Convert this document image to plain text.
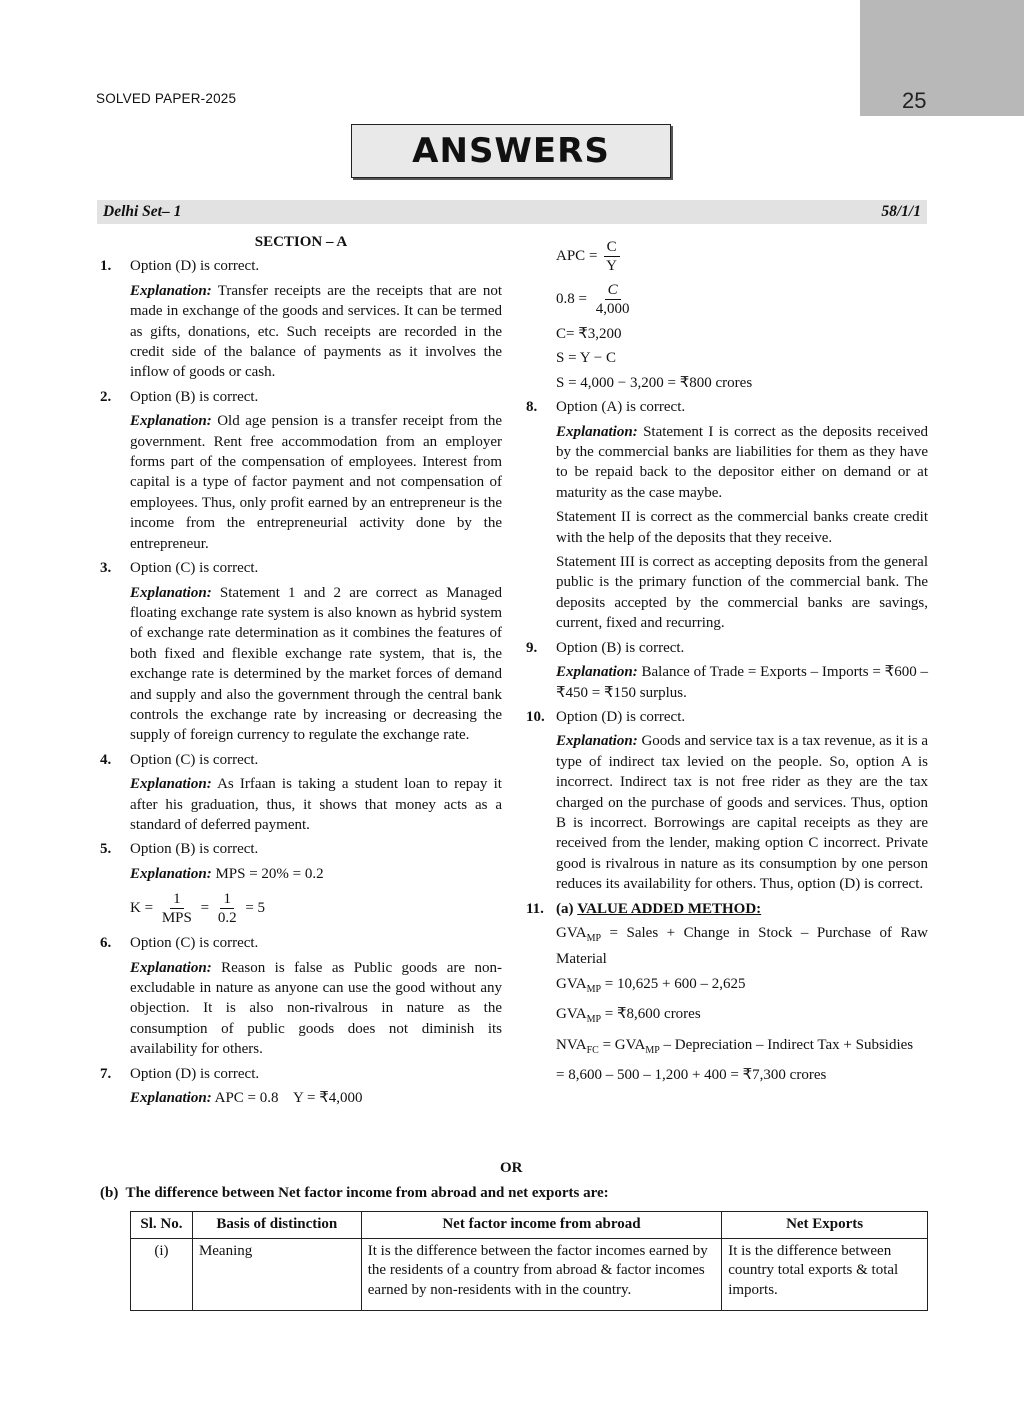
25
SOLVED PAPER-2025
ANSWERS
Delhi Set– 1	58/1/1
SECTION – A
1. Option (D) is correct.

Explanation: Transfer receipts are the receipts that are not made in exchange of the goods and services. It can be termed as gifts, donations, etc. Such receipts are recorded in the credit side of the balance of payments as it involves the inflow of goods or cash.

2. Option (B) is correct.

Explanation: Old age pension is a transfer receipt from the government. Rent free accommodation from an employer forms part of the compensation of employees. Interest from capital is a type of factor payment and not compensation of employees. Thus, only profit earned by an entrepreneur is the income from the entrepreneurial activity done by the entrepreneur.

3. Option (C) is correct.

Explanation: Statement 1 and 2 are correct as Managed floating exchange rate system is also known as hybrid system of exchange rate determination as it combines the features of both fixed and flexible exchange rate system, that is, the exchange rate is determined by the market forces of demand and supply and also the government through the central bank controls the exchange rate by increasing or decreasing the supply of foreign currency to regulate the exchange rate.

4. Option (C) is correct.

Explanation: As Irfaan is taking a student loan to repay it after his graduation, thus, it shows that money acts as a standard of deferred payment.

5. Option (B) is correct.

Explanation: MPS = 20% = 0.2

$K = \frac{1}{\text{MPS}} = \frac{1}{0.2} = 5$
6. Option (C) is correct.

Explanation: Reason is false as Public goods are non-excludable in nature as anyone can use the good without any objection. It is also non-rivalrous in nature as the consumption of public goods does not diminish its availability for others.

7. Option (D) is correct.

Explanation: APC = 0.8    Y = ₹4,000

APC = $\frac{C}{Y}$
$0.8 = \frac{C}{4,000}$

C= ₹3,200

S = Y − C

S = 4,000 − 3,200 = ₹800 crores

8. Option (A) is correct.

Explanation: Statement I is correct as the deposits received by the commercial banks are liabilities for them as they have to be repaid back to the depositor either on demand or at maturity as the case maybe.

Statement II is correct as the commercial banks create credit with the help of the deposits that they receive.

Statement III is correct as accepting deposits from the general public is the primary function of the commercial bank. The deposits accepted by the commercial banks are savings, current, fixed and recurring.

9. Option (B) is correct.

Explanation: Balance of Trade = Exports – Imports = ₹600 – ₹450 = ₹150 surplus.

10. Option (D) is correct.

Explanation: Goods and service tax is a tax revenue, as it is a type of indirect tax levied on the people. So, option A is incorrect. Indirect tax is not free rider as they are the tax charged on the purchase of goods and services. Thus, option B is incorrect. Borrowings are capital receipts as they are received from the lender, making option C incorrect. Private good is rivalrous in nature as its consumption by one person reduces its availability for others. Thus, option (D) is correct.

11. (a) VALUE ADDED METHOD:

$GVA_{MP}$ = Sales + Change in Stock – Purchase of Raw Material

$GVA_{MP} = 10,625 + 600 - 2,625$

$GVA_{MP}$ = ₹8,600 crores

$NVA_{FC} = GVA_{MP}$ – Depreciation – Indirect Tax + Subsidies

= 8,600 – 500 – 1,200 + 400 = ₹7,300 crores

OR
(b)  The difference between Net factor income from abroad and net exports are:
Sl. No.	Basis of distinction	Net factor income from abroad	Net Exports
(i)	Meaning	It is the difference between the factor incomes earned by the residents of a country from abroad & factor incomes earned by non-residents with in the country.	It is the difference between country total exports & total imports.
